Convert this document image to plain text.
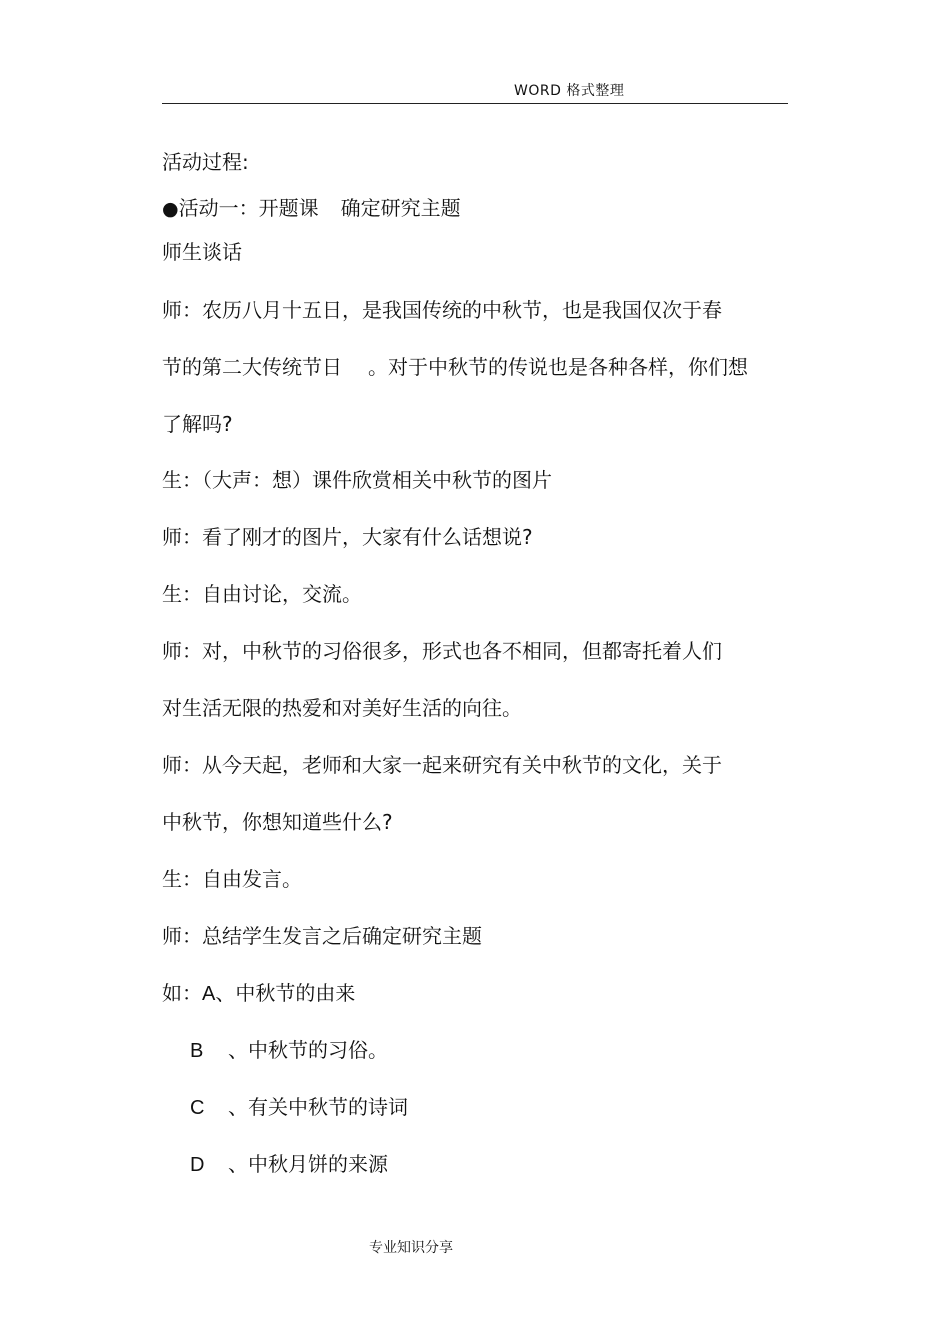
WORD 格式整理
活动过程:
●活动一：开题课 确定研究主题
师生谈话
师：农历八月十五日，是我国传统的中秋节，也是我国仅次于春
节的第二大传统节日 。对于中秋节的传说也是各种各样，你们想
了解吗?
生：（大声：想）课件欣赏相关中秋节的图片
师：看了刚才的图片，大家有什么话想说?
生：自由讨论，交流。
师：对，中秋节的习俗很多，形式也各不相同，但都寄托着人们
对生活无限的热爱和对美好生活的向往。
师：从今天起，老师和大家一起来研究有关中秋节的文化，关于
中秋节，你想知道些什么?
生：自由发言。
师：总结学生发言之后确定研究主题
如：A、中秋节的由来
B 、中秋节的习俗。
C 、有关中秋节的诗词
D 、中秋月饼的来源
专业知识分享
